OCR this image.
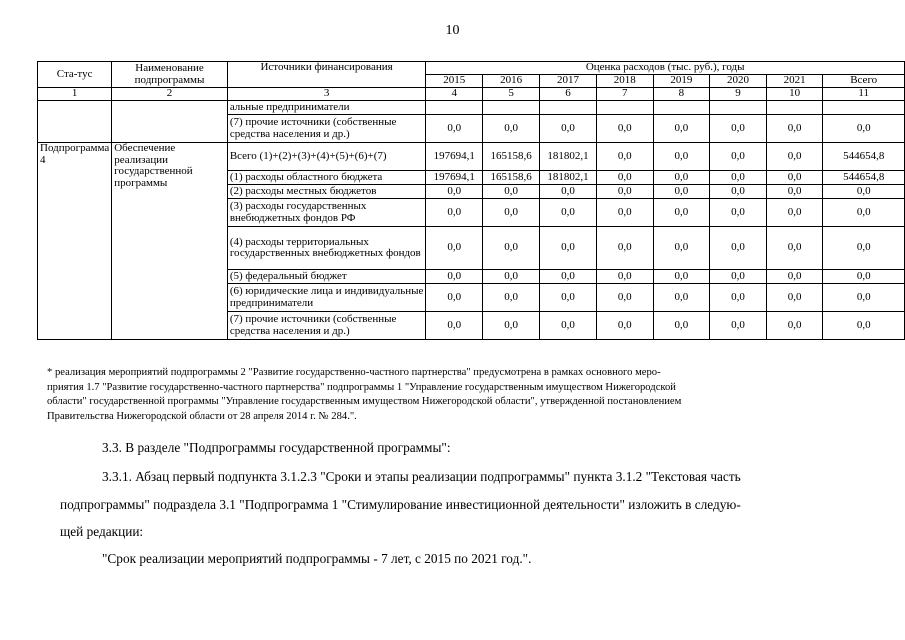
10
Ста-тус	Наименование подпрограммы	Источники финансирования	Оценка расходов (тыс. руб.), годы							
			2015	2016	2017	2018	2019	2020	2021	Всего
1	2	3	4	5	6	7	8	9	10	11
		альные предприниматели								
		(7) прочие источники (собственные средства населения и др.)	0,0	0,0	0,0	0,0	0,0	0,0	0,0	0,0
Подпрограмма 4	Обеспечение реализации государственной программы	Всего (1)+(2)+(3)+(4)+(5)+(6)+(7)	197694,1	165158,6	181802,1	0,0	0,0	0,0	0,0	544654,8
		(1) расходы областного бюджета	197694,1	165158,6	181802,1	0,0	0,0	0,0	0,0	544654,8
		(2) расходы местных бюджетов	0,0	0,0	0,0	0,0	0,0	0,0	0,0	0,0
		(3) расходы государственных внебюджетных фондов РФ	0,0	0,0	0,0	0,0	0,0	0,0	0,0	0,0
		(4) расходы территориальных государственных внебюджетных фондов	0,0	0,0	0,0	0,0	0,0	0,0	0,0	0,0
		(5) федеральный бюджет	0,0	0,0	0,0	0,0	0,0	0,0	0,0	0,0
		(6) юридические лица и индивидуальные предприниматели	0,0	0,0	0,0	0,0	0,0	0,0	0,0	0,0
		(7) прочие источники (собственные средства населения и др.)	0,0	0,0	0,0	0,0	0,0	0,0	0,0	0,0
* реализация мероприятий подпрограммы 2 "Развитие государственно-частного партнерства" предусмотрена в рамках основного меро-
приятия 1.7 "Развитие государственно-частного партнерства" подпрограммы 1 "Управление государственным имуществом Нижегородской
области" государственной программы "Управление государственным имуществом Нижегородской области", утвержденной постановлением
Правительства Нижегородской области от 28 апреля 2014 г. № 284.".
3.3. В разделе "Подпрограммы государственной программы":
3.3.1. Абзац первый подпункта 3.1.2.3 "Сроки и этапы реализации подпрограммы" пункта 3.1.2 "Текстовая часть
подпрограммы" подраздела 3.1 "Подпрограмма 1 "Стимулирование инвестиционной деятельности" изложить в следую-
щей редакции:
"Срок реализации мероприятий подпрограммы - 7 лет, с 2015 по 2021 год.".
